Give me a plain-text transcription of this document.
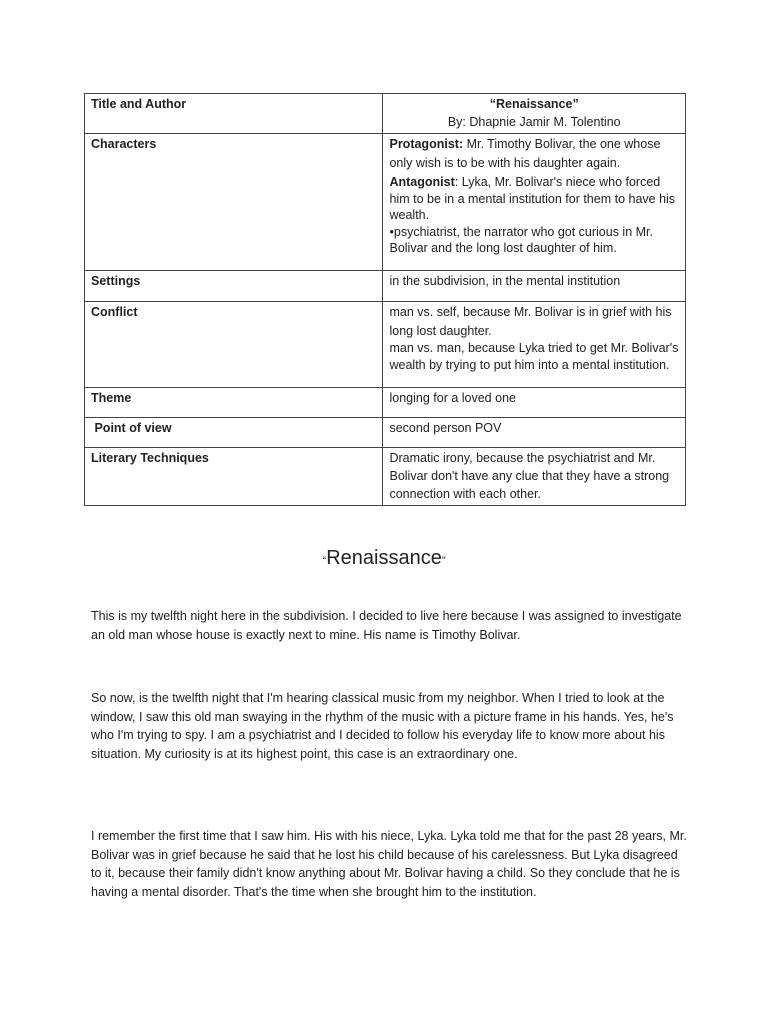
Title and Author	“Renaissance”
By: Dhapnie Jamir M. Tolentino

Characters	Protagonist: Mr. Timothy Bolivar, the one whose only wish is to be with his daughter again.

Antagonist: Lyka, Mr. Bolivar's niece who forced him to be in a mental institution for them to have his wealth.

•psychiatrist, the narrator who got curious in Mr. Bolivar and the long lost daughter of him.

Settings	in the subdivision, in the mental institution
Conflict	man vs. self, because Mr. Bolivar is in grief with his long lost daughter.

man vs. man, because Lyka tried to get Mr. Bolivar's wealth by trying to put him into a mental institution.

Theme	longing for a loved one
Point of view	second person POV
Literary Techniques	Dramatic irony, because the psychiatrist and Mr. Bolivar don't have any clue that they have a strong connection with each other.
“Renaissance”

This is my twelfth night here in the subdivision. I decided to live here because I was assigned to investigate an old man whose house is exactly next to mine. His name is Timothy Bolivar.

So now, is the twelfth night that I'm hearing classical music from my neighbor. When I tried to look at the window, I saw this old man swaying in the rhythm of the music with a picture frame in his hands. Yes, he's who I'm trying to spy. I am a psychiatrist and I decided to follow his everyday life to know more about his situation. My curiosity is at its highest point, this case is an extraordinary one.

I remember the first time that I saw him. His with his niece, Lyka. Lyka told me that for the past 28 years, Mr. Bolivar was in grief because he said that he lost his child because of his carelessness. But Lyka disagreed to it, because their family didn't know anything about Mr. Bolivar having a child. So they conclude that he is having a mental disorder. That's the time when she brought him to the institution.
